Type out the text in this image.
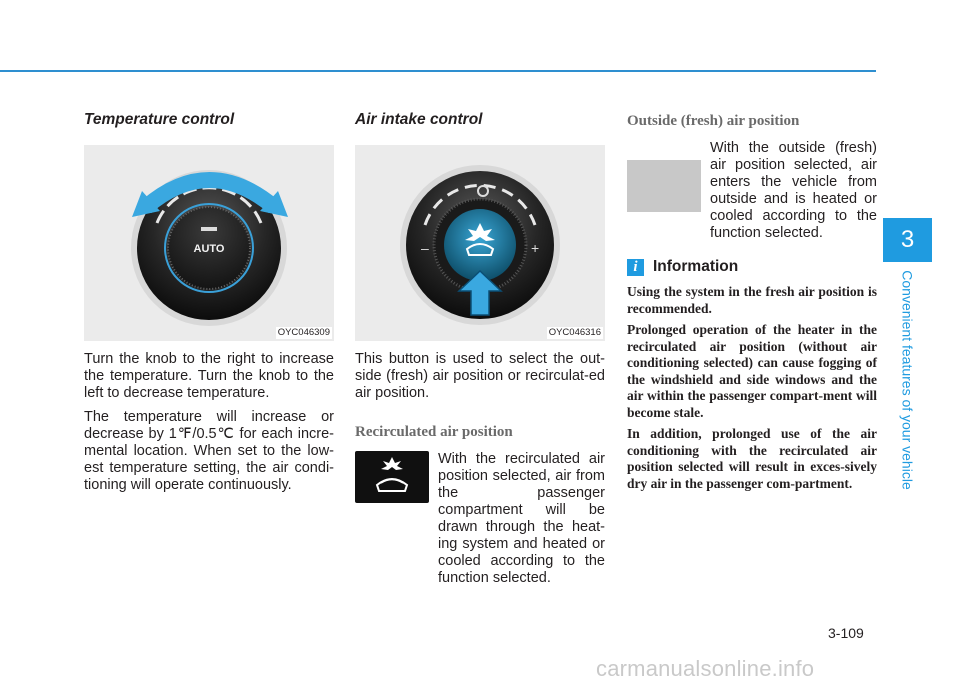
3
Convenient features of your vehicle
Temperature control
AUTO
OYC046309

Turn the knob to the right to increase the temperature. Turn the knob to the left to decrease temperature.

The temperature will increase or decrease by 1℉/0.5℃ for each incre-mental location. When set to the low-est temperature setting, the air condi-tioning will operate continuously.

Air intake control
–	+
OYC046316

This button is used to select the out-side (fresh) air position or recirculat-ed air position.

Recirculated air position

With the recirculated air position selected, air from the passenger compartment will be drawn through the heat-ing system and heated or cooled according to the function selected.

Outside (fresh) air position

With the outside (fresh) air position selected, air enters the vehicle from outside and is heated or cooled according to the function selected.

i Information

Using the system in the fresh air position is recommended.

Prolonged operation of the heater in the recirculated air position (without air conditioning selected) can cause fogging of the windshield and side windows and the air within the passenger compart-ment will become stale.

In addition, prolonged use of the air conditioning with the recirculated air position selected will result in exces-sively dry air in the passenger com-partment.

3-109
carmanualsonline.info
